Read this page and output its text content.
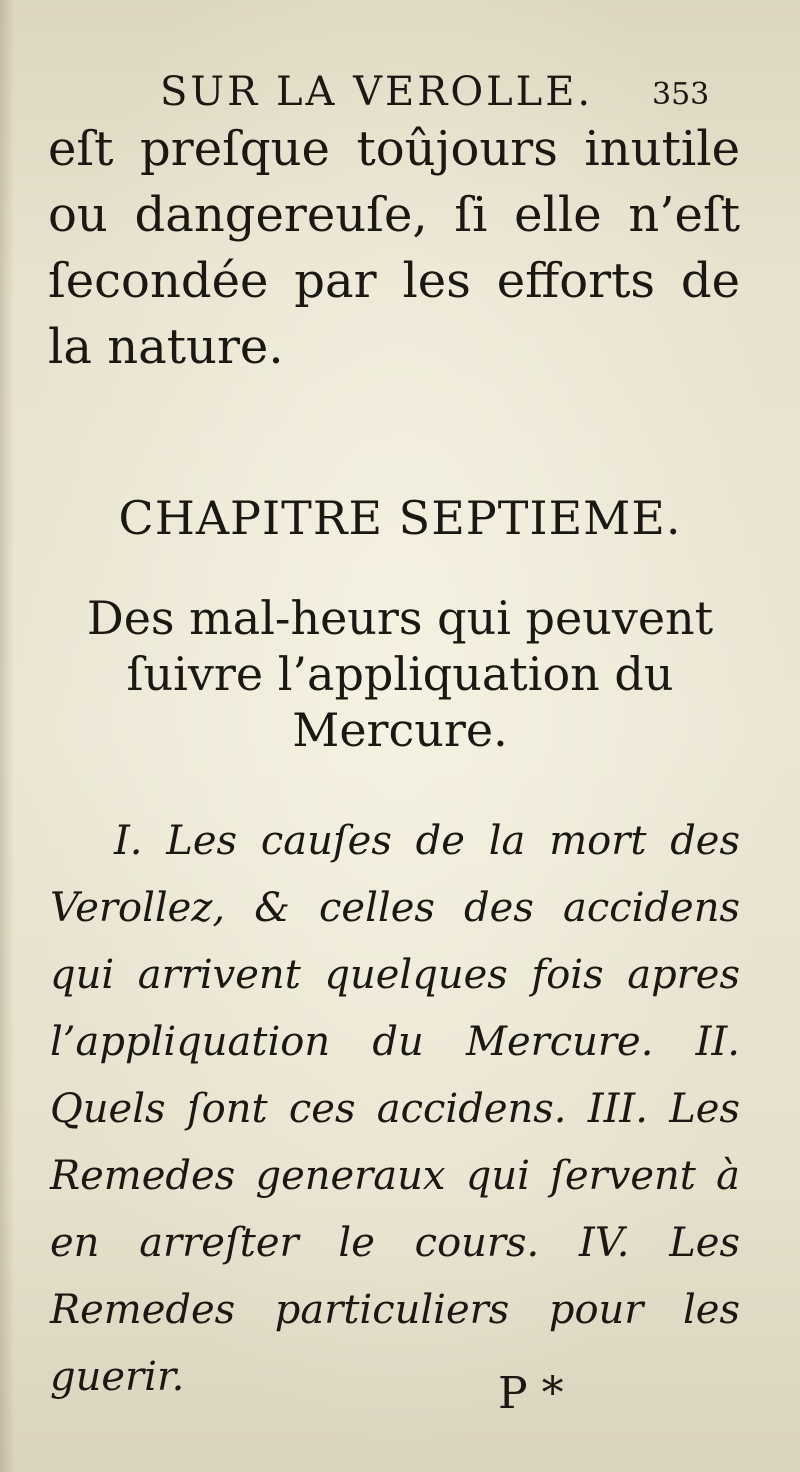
SUR LA VEROLLE.	353

eſt preſque toûjours inutile ou dangereuſe, ſi elle n’eſt ſecondée par les efforts de la nature.

CHAPITRE SEPTIEME.

Des mal-heurs qui peuvent
ſuivre l’appliquation du
Mercure.

I. Les cauſes de la mort des Verollez, & celles des accidens qui arrivent quelques fois apres l’appliquation du Mercure. II. Quels ſont ces accidens. III. Les Remedes generaux qui ſervent à en arreſter le cours. IV. Les Remedes particuliers pour les guerir.	P *
